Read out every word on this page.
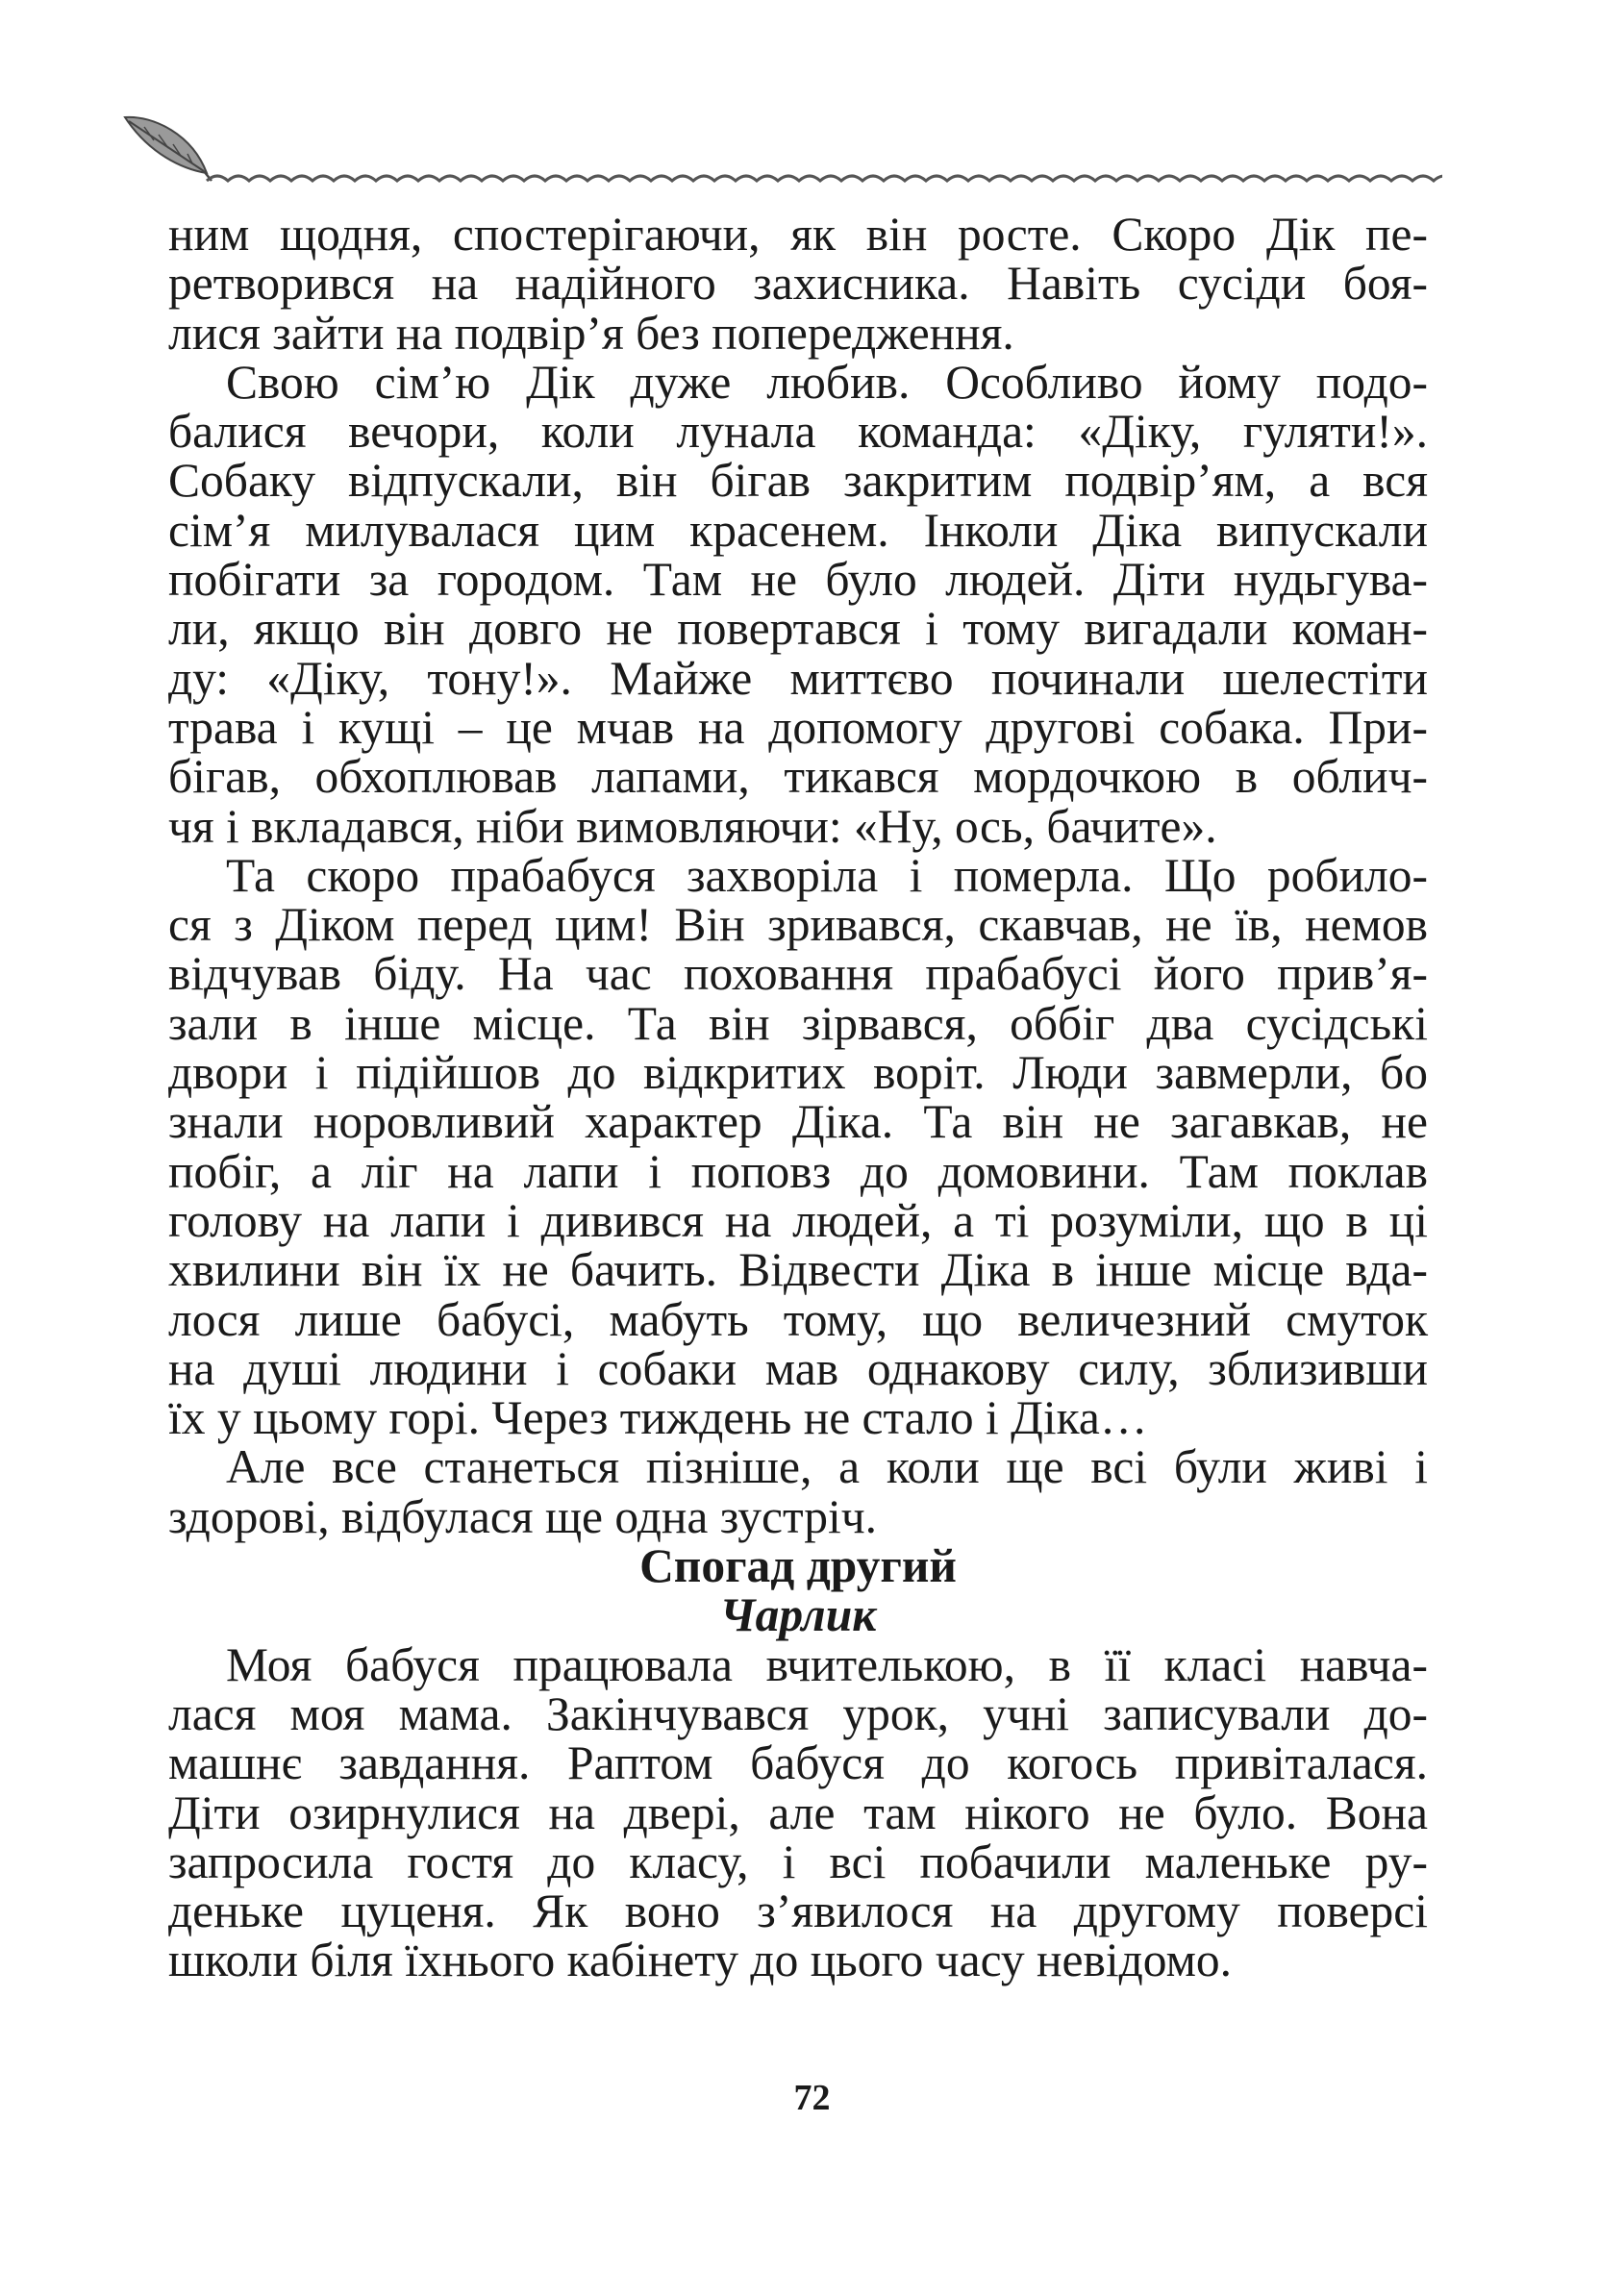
ним щодня, спостерігаючи, як він росте. Скоро Дік пе-
ретворився на надійного захисника. Навіть сусіди боя-
лися зайти на подвір’я без попередження.
Свою сім’ю Дік дуже любив. Особливо йому подо-
балися вечори, коли лунала команда: «Діку, гуляти!».
Собаку відпускали, він бігав закритим подвір’ям, а вся
сім’я милувалася цим красенем. Інколи Діка випускали
побігати за городом. Там не було людей. Діти нудьгува-
ли, якщо він довго не повертався і тому вигадали коман-
ду: «Діку, тону!». Майже миттєво починали шелестіти
трава і кущі – це мчав на допомогу другові собака. При-
бігав, обхоплював лапами, тикався мордочкою в облич-
чя і вкладався, ніби вимовляючи: «Ну, ось, бачите».
Та скоро прабабуся захворіла і померла. Що робило-
ся з Діком перед цим! Він зривався, скавчав, не їв, немов
відчував біду. На час поховання прабабусі його прив’я-
зали в інше місце. Та він зірвався, оббіг два сусідські
двори і підійшов до відкритих воріт. Люди завмерли, бо
знали норовливий характер Діка. Та він не загавкав, не
побіг, а ліг на лапи і поповз до домовини. Там поклав
голову на лапи і дивився на людей, а ті розуміли, що в ці
хвилини він їх не бачить. Відвести Діка в інше місце вда-
лося лише бабусі, мабуть тому, що величезний смуток
на душі людини і собаки мав однакову силу, зблизивши
їх у цьому горі. Через тиждень не стало і Діка…
Але все станеться пізніше, а коли ще всі були живі і
здорові, відбулася ще одна зустріч.
Спогад другий
Чарлик
Моя бабуся працювала вчителькою, в її класі навча-
лася моя мама. Закінчувався урок, учні записували до-
машнє завдання. Раптом бабуся до когось привіталася.
Діти озирнулися на двері, але там нікого не було. Вона
запросила гостя до класу, і всі побачили маленьке ру-
деньке цуценя. Як воно з’явилося на другому поверсі
школи біля їхнього кабінету до цього часу невідомо.
72
